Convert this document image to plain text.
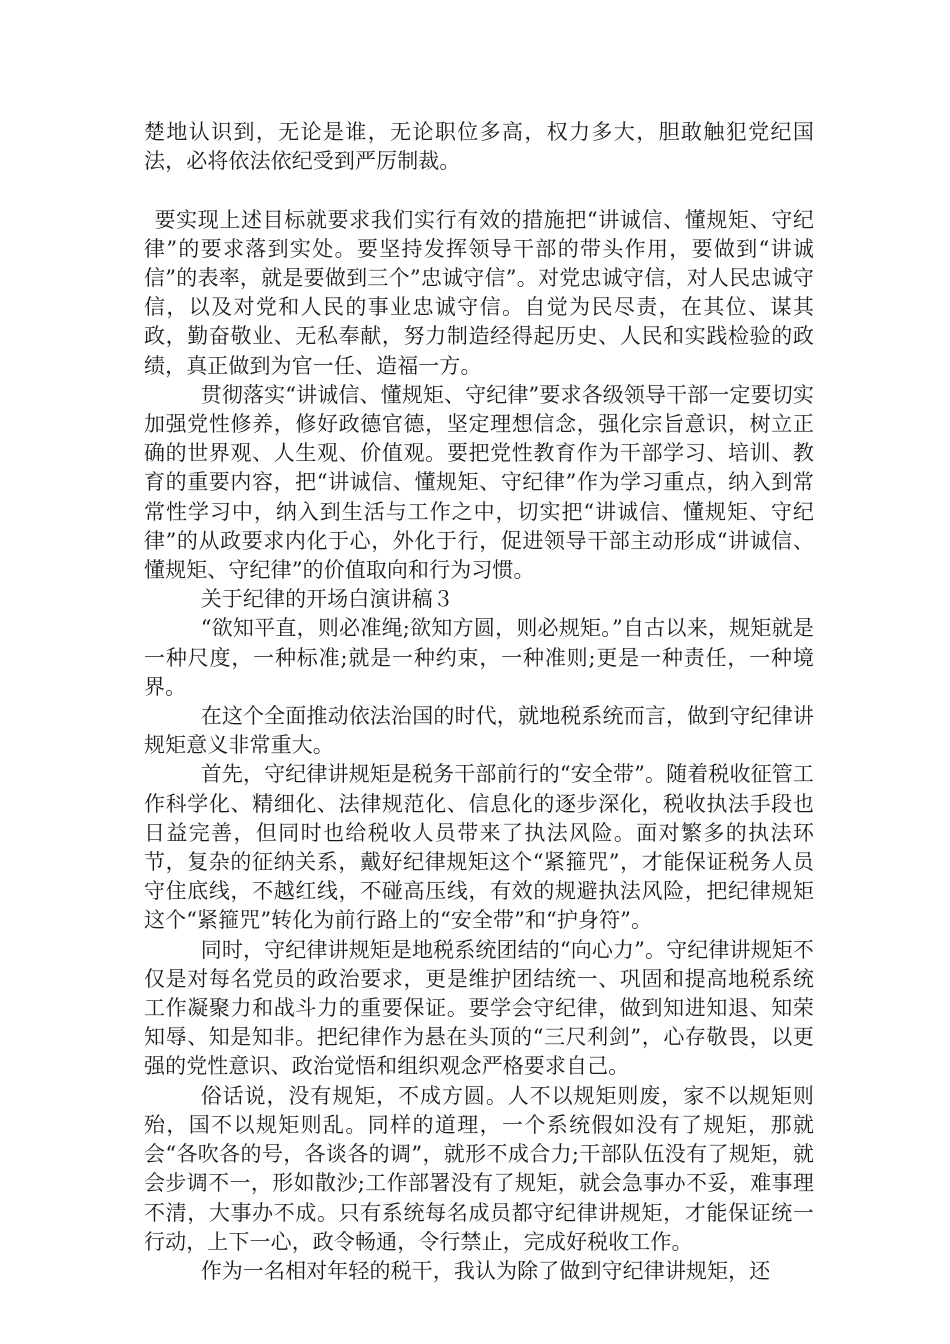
楚地认识到，无论是谁，无论职位多高，权力多大，胆敢触犯党纪国法，必将依法依纪受到严厉制裁。

要实现上述目标就要求我们实行有效的措施把“讲诚信、懂规矩、守纪律”的要求落到实处。要坚持发挥领导干部的带头作用，要做到“讲诚信”的表率，就是要做到三个”忠诚守信”。对党忠诚守信，对人民忠诚守信，以及对党和人民的事业忠诚守信。自觉为民尽责，在其位、谋其政，勤奋敬业、无私奉献，努力制造经得起历史、人民和实践检验的政绩，真正做到为官一任、造福一方。

贯彻落实“讲诚信、懂规矩、守纪律”要求各级领导干部一定要切实加强党性修养，修好政德官德，坚定理想信念，强化宗旨意识，树立正确的世界观、人生观、价值观。要把党性教育作为干部学习、培训、教育的重要内容，把“讲诚信、懂规矩、守纪律”作为学习重点，纳入到常常性学习中，纳入到生活与工作之中，切实把“讲诚信、懂规矩、守纪律”的从政要求内化于心，外化于行，促进领导干部主动形成“讲诚信、懂规矩、守纪律”的价值取向和行为习惯。

关于纪律的开场白演讲稿３

“欲知平直，则必准绳;欲知方圆，则必规矩。”自古以来，规矩就是一种尺度，一种标准;就是一种约束，一种准则;更是一种责任，一种境界。

在这个全面推动依法治国的时代，就地税系统而言，做到守纪律讲规矩意义非常重大。

首先，守纪律讲规矩是税务干部前行的“安全带”。随着税收征管工作科学化、精细化、法律规范化、信息化的逐步深化，税收执法手段也日益完善，但同时也给税收人员带来了执法风险。面对繁多的执法环节，复杂的征纳关系，戴好纪律规矩这个“紧箍咒”，才能保证税务人员守住底线，不越红线，不碰高压线，有效的规避执法风险，把纪律规矩这个“紧箍咒”转化为前行路上的“安全带”和“护身符”。

同时，守纪律讲规矩是地税系统团结的“向心力”。守纪律讲规矩不仅是对每名党员的政治要求，更是维护团结统一、巩固和提高地税系统工作凝聚力和战斗力的重要保证。要学会守纪律，做到知进知退、知荣知辱、知是知非。把纪律作为悬在头顶的“三尺利剑”，心存敬畏，以更强的党性意识、政治觉悟和组织观念严格要求自己。

俗话说，没有规矩，不成方圆。人不以规矩则废，家不以规矩则殆，国不以规矩则乱。同样的道理，一个系统假如没有了规矩，那就会“各吹各的号，各谈各的调”，就形不成合力;干部队伍没有了规矩，就会步调不一，形如散沙;工作部署没有了规矩，就会急事办不妥，难事理不清，大事办不成。只有系统每名成员都守纪律讲规矩，才能保证统一行动，上下一心，政令畅通，令行禁止，完成好税收工作。

作为一名相对年轻的税干，我认为除了做到守纪律讲规矩，还
